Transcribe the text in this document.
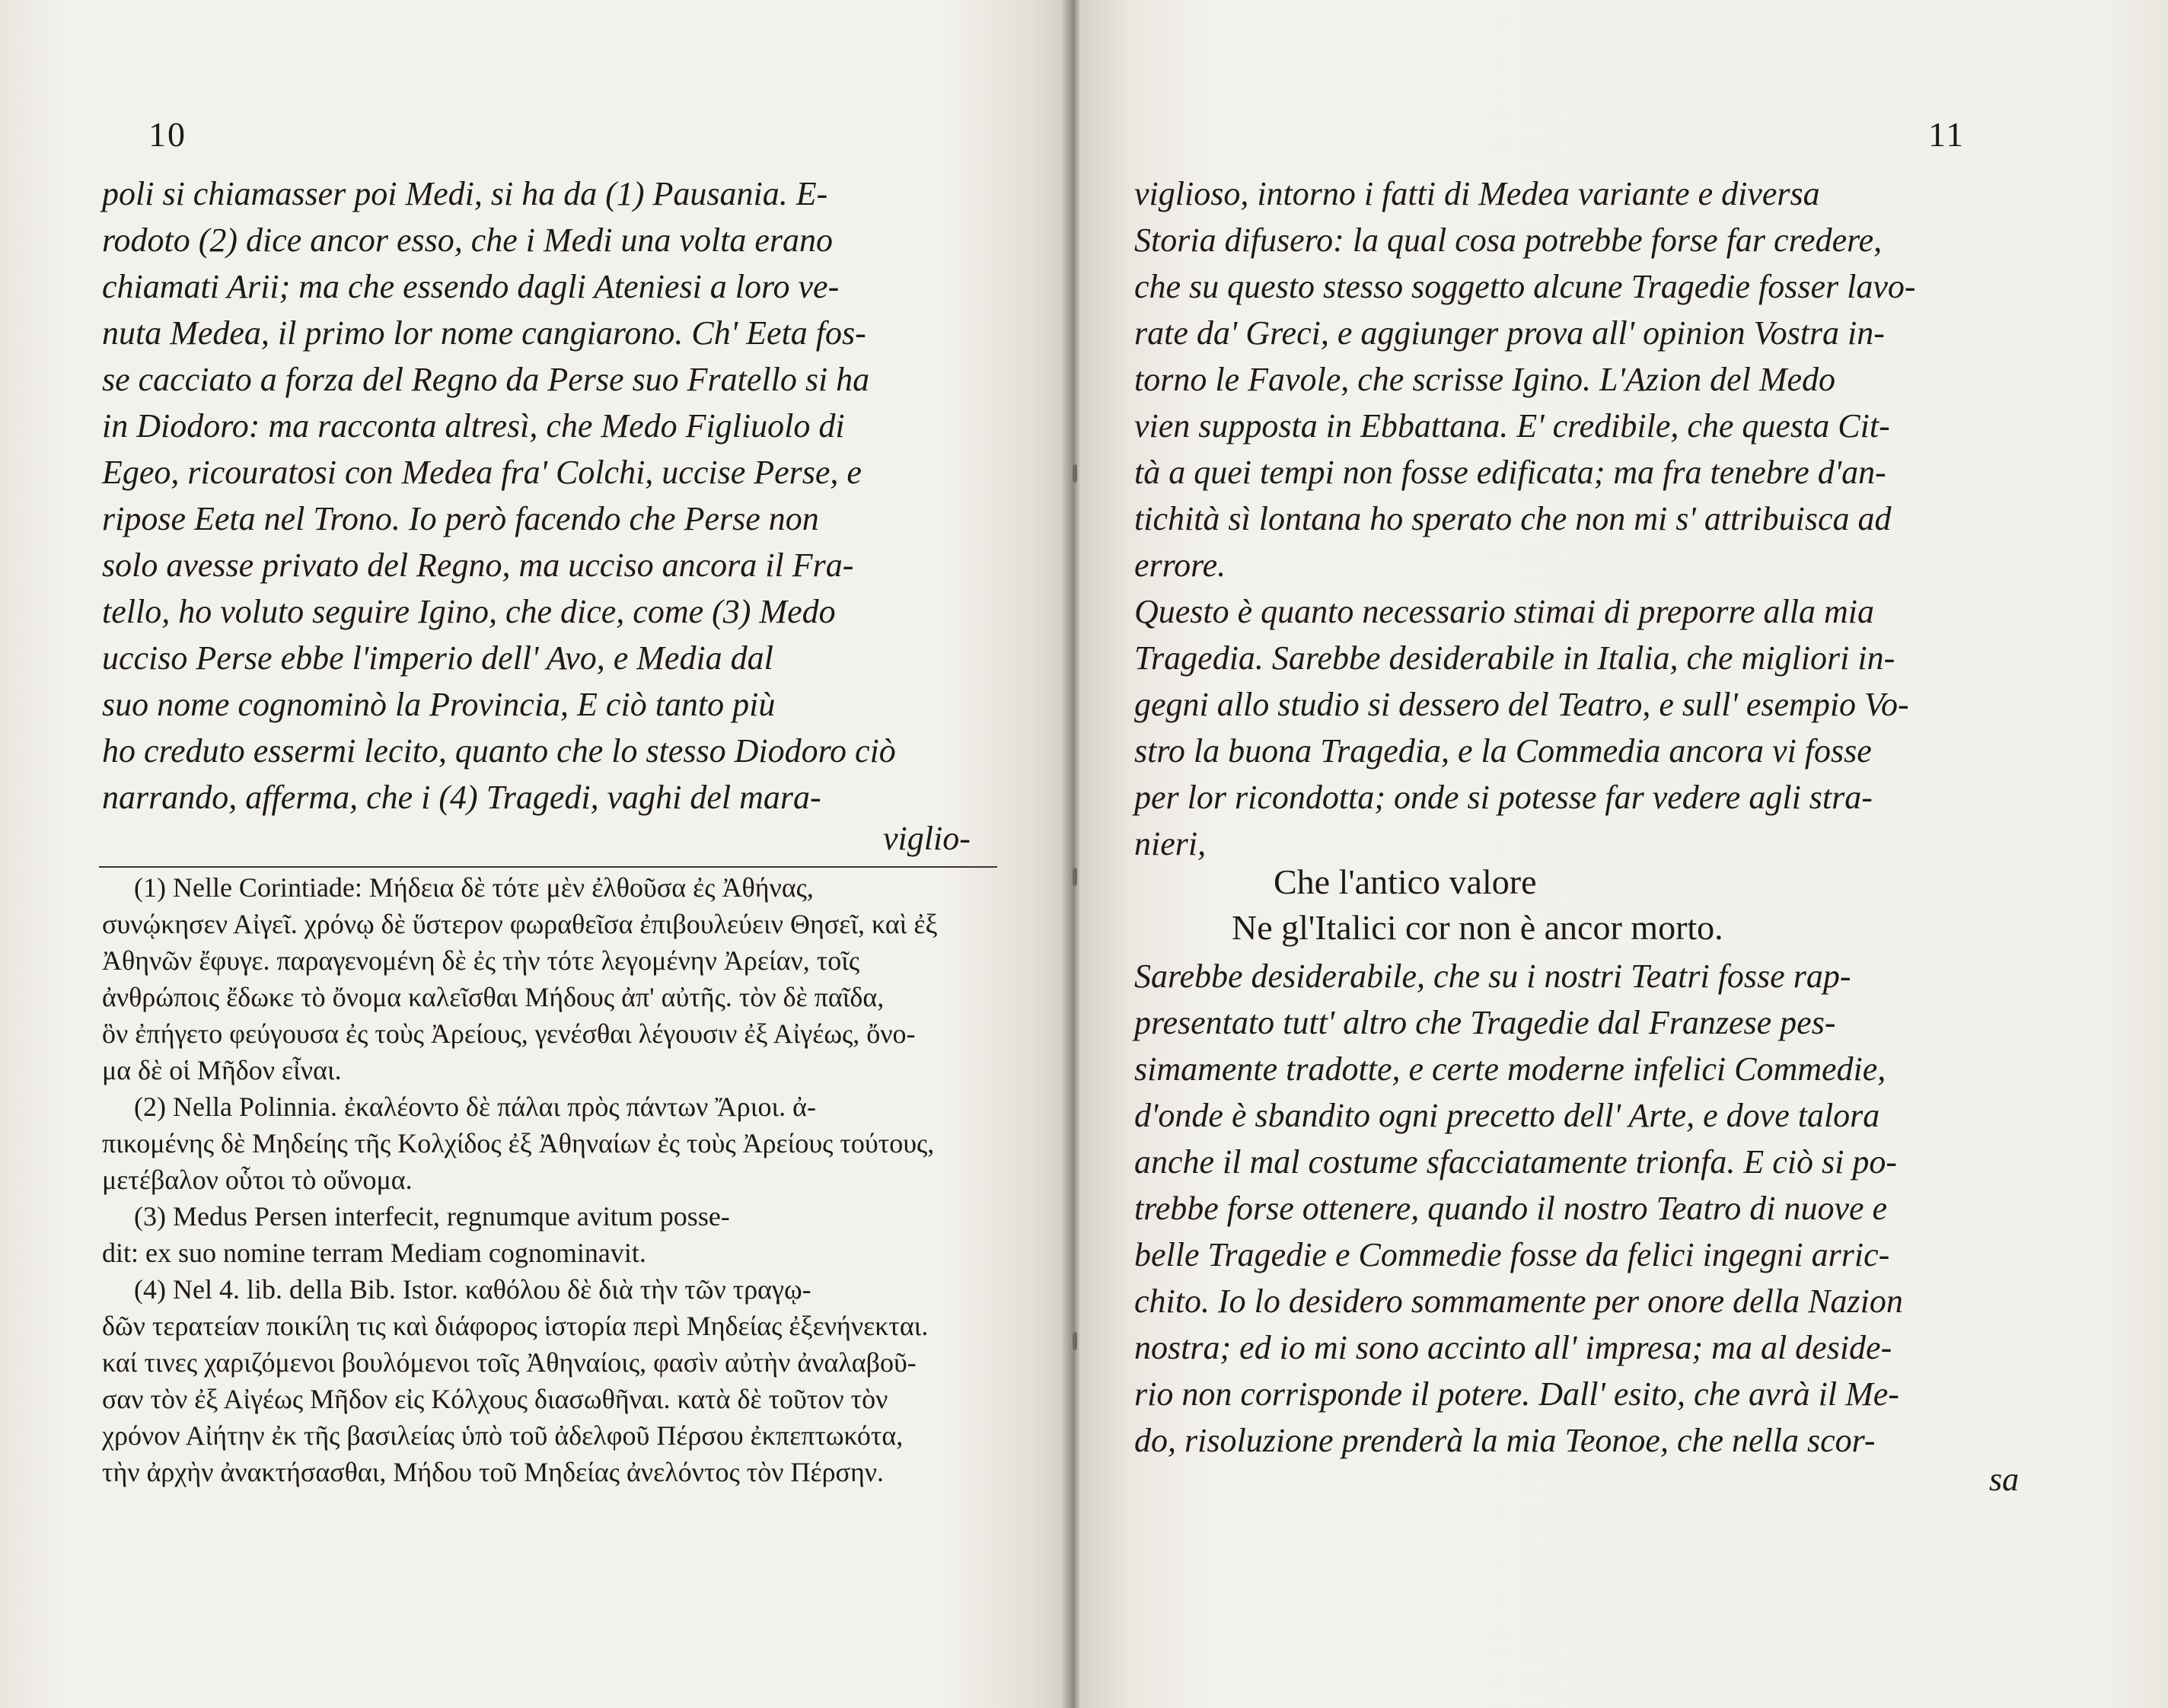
10
poli si chiamasser poi Medi, si ha da (1) Pausania. E-
rodoto (2) dice ancor esso, che i Medi una volta erano
chiamati Arii; ma che essendo dagli Ateniesi a loro ve-
nuta Medea, il primo lor nome cangiarono. Ch' Eeta fos-
se cacciato a forza del Regno da Perse suo Fratello si ha
in Diodoro: ma racconta altresì, che Medo Figliuolo di
Egeo, ricouratosi con Medea fra' Colchi, uccise Perse, e
ripose Eeta nel Trono. Io però facendo che Perse non
solo avesse privato del Regno, ma ucciso ancora il Fra-
tello, ho voluto seguire Igino, che dice, come (3) Medo
ucciso Perse ebbe l'imperio dell' Avo, e Media dal
suo nome cognominò la Provincia, E ciò tanto più
ho creduto essermi lecito, quanto che lo stesso Diodoro ciò
narrando, afferma, che i (4) Tragedi, vaghi del mara-
viglio-
(1) Nelle Corintiade: Μήδεια δὲ τότε μὲν ἐλθοῦσα ἐς Ἀθήνας,
συνῴκησεν Αἰγεῖ. χρόνῳ δὲ ὕστερον φωραθεῖσα ἐπιβουλεύειν Θησεῖ, καὶ ἐξ
Ἀθηνῶν ἔφυγε. παραγενομένη δὲ ἐς τὴν τότε λεγομένην Ἀρείαν, τοῖς
ἀνθρώποις ἔδωκε τὸ ὄνομα καλεῖσθαι Μήδους ἀπ' αὐτῆς. τὸν δὲ παῖδα,
ὃν ἐπήγετο φεύγουσα ἐς τοὺς Ἀρείους, γενέσθαι λέγουσιν ἐξ Αἰγέως, ὄνο-
μα δὲ οἱ Μῆδον εἶναι.
(2) Nella Polinnia. ἐκαλέοντο δὲ πάλαι πρὸς πάντων Ἄριοι. ἀ-
πικομένης δὲ Μηδείης τῆς Κολχίδος ἐξ Ἀθηναίων ἐς τοὺς Ἀρείους τούτους,
μετέβαλον οὗτοι τὸ οὔνομα.
(3) Medus Persen interfecit, regnumque avitum posse-
dit: ex suo nomine terram Mediam cognominavit.
(4) Nel 4. lib. della Bib. Istor. καθόλου δὲ διὰ τὴν τῶν τραγῳ-
δῶν τερατείαν ποικίλη τις καὶ διάφορος ἱστορία περὶ Μηδείας ἐξενήνεκται.
καί τινες χαριζόμενοι βουλόμενοι τοῖς Ἀθηναίοις, φασὶν αὐτὴν ἀναλαβοῦ-
σαν τὸν ἐξ Αἰγέως Μῆδον εἰς Κόλχους διασωθῆναι. κατὰ δὲ τοῦτον τὸν
χρόνον Αἰήτην ἐκ τῆς βασιλείας ὑπὸ τοῦ ἀδελφοῦ Πέρσου ἐκπεπτωκότα,
τὴν ἀρχὴν ἀνακτήσασθαι, Μήδου τοῦ Μηδείας ἀνελόντος τὸν Πέρσην.
11
viglioso, intorno i fatti di Medea variante e diversa
Storia difusero: la qual cosa potrebbe forse far credere,
che su questo stesso soggetto alcune Tragedie fosser lavo-
rate da' Greci, e aggiunger prova all' opinion Vostra in-
torno le Favole, che scrisse Igino. L'Azion del Medo
vien supposta in Ebbattana. E' credibile, che questa Cit-
tà a quei tempi non fosse edificata; ma fra tenebre d'an-
tichità sì lontana ho sperato che non mi s' attribuisca ad
errore.
Questo è quanto necessario stimai di preporre alla mia
Tragedia. Sarebbe desiderabile in Italia, che migliori in-
gegni allo studio si dessero del Teatro, e sull' esempio Vo-
stro la buona Tragedia, e la Commedia ancora vi fosse
per lor ricondotta; onde si potesse far vedere agli stra-
nieri,
Che l'antico valore
Ne gl'Italici cor non è ancor morto.
Sarebbe desiderabile, che su i nostri Teatri fosse rap-
presentato tutt' altro che Tragedie dal Franzese pes-
simamente tradotte, e certe moderne infelici Commedie,
d'onde è sbandito ogni precetto dell' Arte, e dove talora
anche il mal costume sfacciatamente trionfa. E ciò si po-
trebbe forse ottenere, quando il nostro Teatro di nuove e
belle Tragedie e Commedie fosse da felici ingegni arric-
chito. Io lo desidero sommamente per onore della Nazion
nostra; ed io mi sono accinto all' impresa; ma al deside-
rio non corrisponde il potere. Dall' esito, che avrà il Me-
do, risoluzione prenderà la mia Teonoe, che nella scor-
sa
